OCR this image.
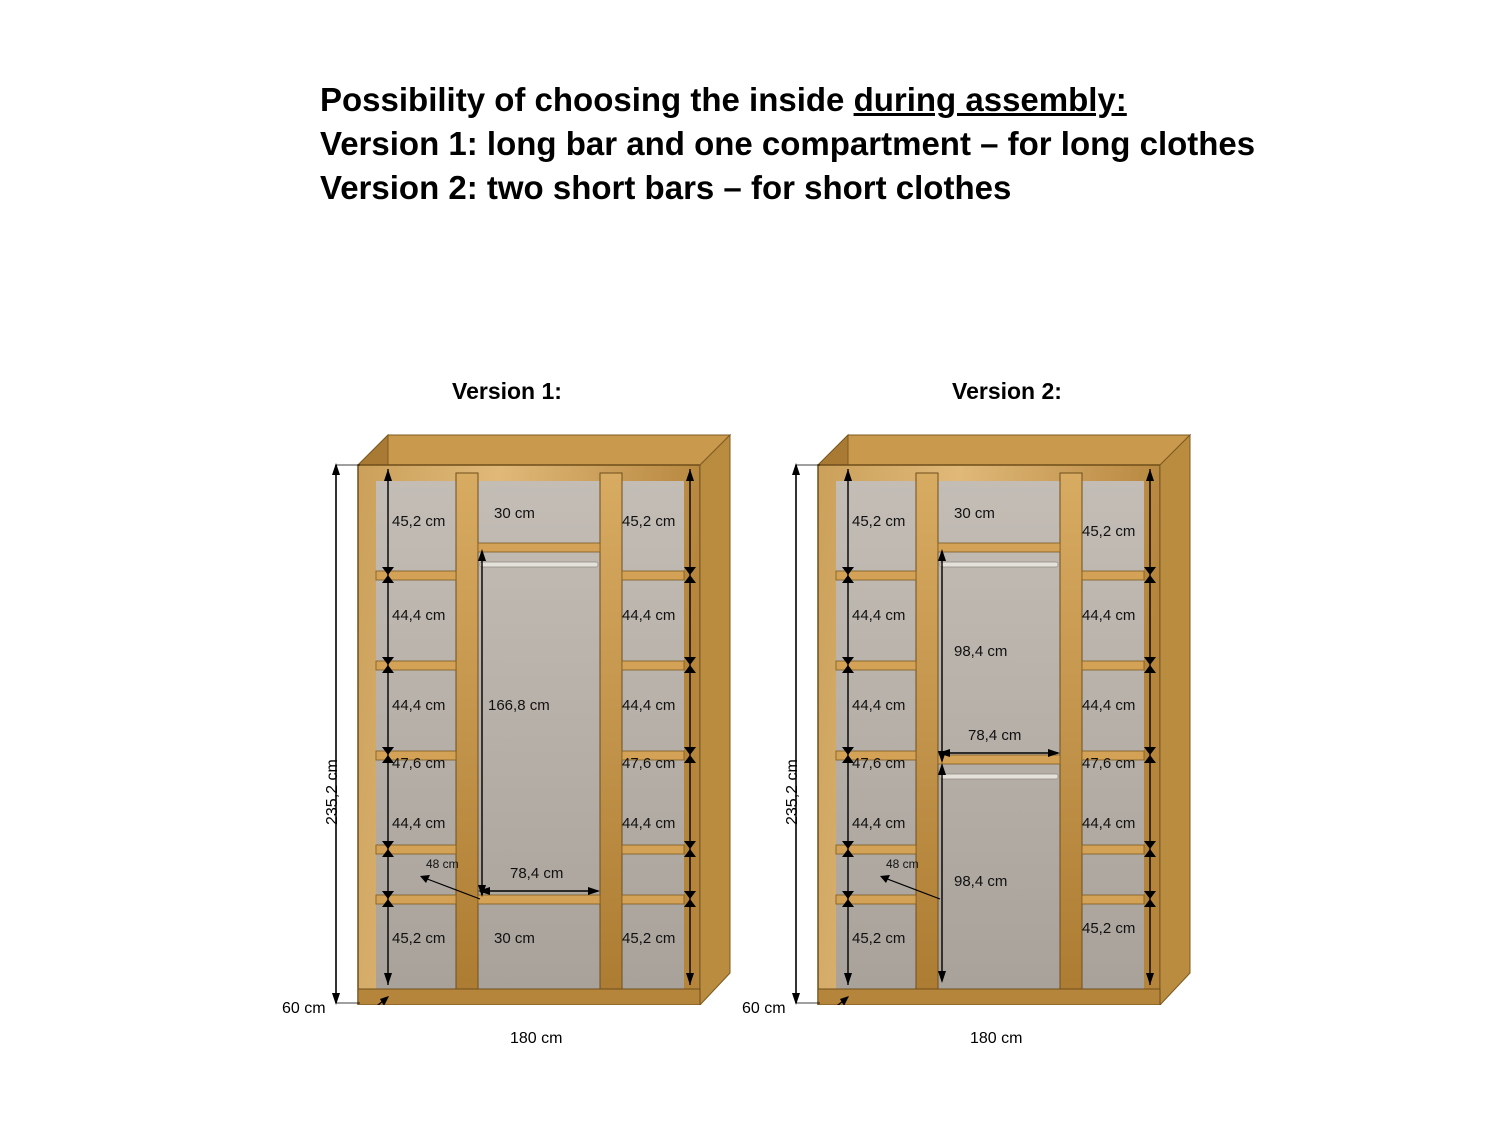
Possibility of choosing the inside during assembly:
Version 1: long bar and one compartment – for long clothes
Version 2: two short bars – for short clothes
Version 1:	Version 2:
235,2 cm
180 cm
60 cm
45,2 cm
44,4 cm
44,4 cm
47,6 cm
44,4 cm
45,2 cm
30 cm
166,8 cm
78,4 cm
30 cm
45,2 cm
44,4 cm
44,4 cm
47,6 cm
44,4 cm
45,2 cm
48 cm
235,2 cm
180 cm
60 cm
45,2 cm
44,4 cm
44,4 cm
47,6 cm
44,4 cm
45,2 cm
30 cm
98,4 cm
78,4 cm
98,4 cm
45,2 cm
44,4 cm
44,4 cm
47,6 cm
44,4 cm
45,2 cm
48 cm
